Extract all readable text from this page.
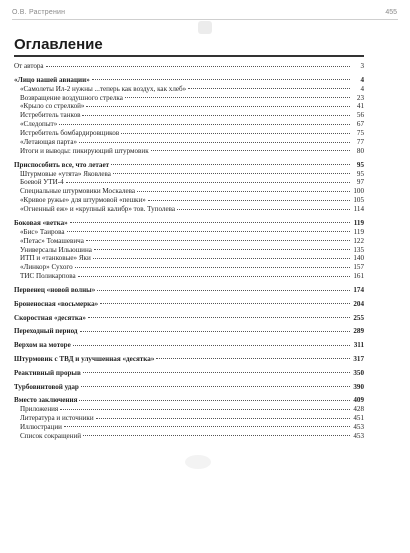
О.В. Растренин	455
Оглавление
От автора	3
«Лицо нашей авиации»	4
«Самолеты Ил-2 нужны ...теперь как воздух, как хлеб»	4
Возвращение воздушного стрелка	23
«Крыло со стрелкой»	41
Истребитель танков	56
«Следопыт»	67
Истребитель бомбардировщиков	75
«Летающая парта»	77
Итоги и выводы: пикирующий штурмовик	80
Приспособить все, что летает	95
Штурмовые «утята» Яковлева	95
Боевой УТИ-4	97
Специальные штурмовики Москалева	100
«Кривое ружье» для штурмовой «пешки»	105
«Огненный еж» и «крупный калибр» тов. Туполева	114
Боковая «ветка»	119
«Бис» Таирова	119
«Петас» Томашевича	122
Универсалы Ильюшина	135
ИТП и «танковые» Яки	140
«Линкор» Сухого	157
ТИС Поликарпова	161
Первенец «новой волны»	174
Броненосная «восьмерка»	204
Скоростная «десятка»	255
Переходный период	289
Верхом на моторе	311
Штурмовик с ТВД и улучшенная «десятка»	317
Реактивный прорыв	350
Турбовинтовой удар	390
Вместо заключения	409
Приложения	428
Литература и источники	451
Иллюстрации	453
Список сокращений	453
